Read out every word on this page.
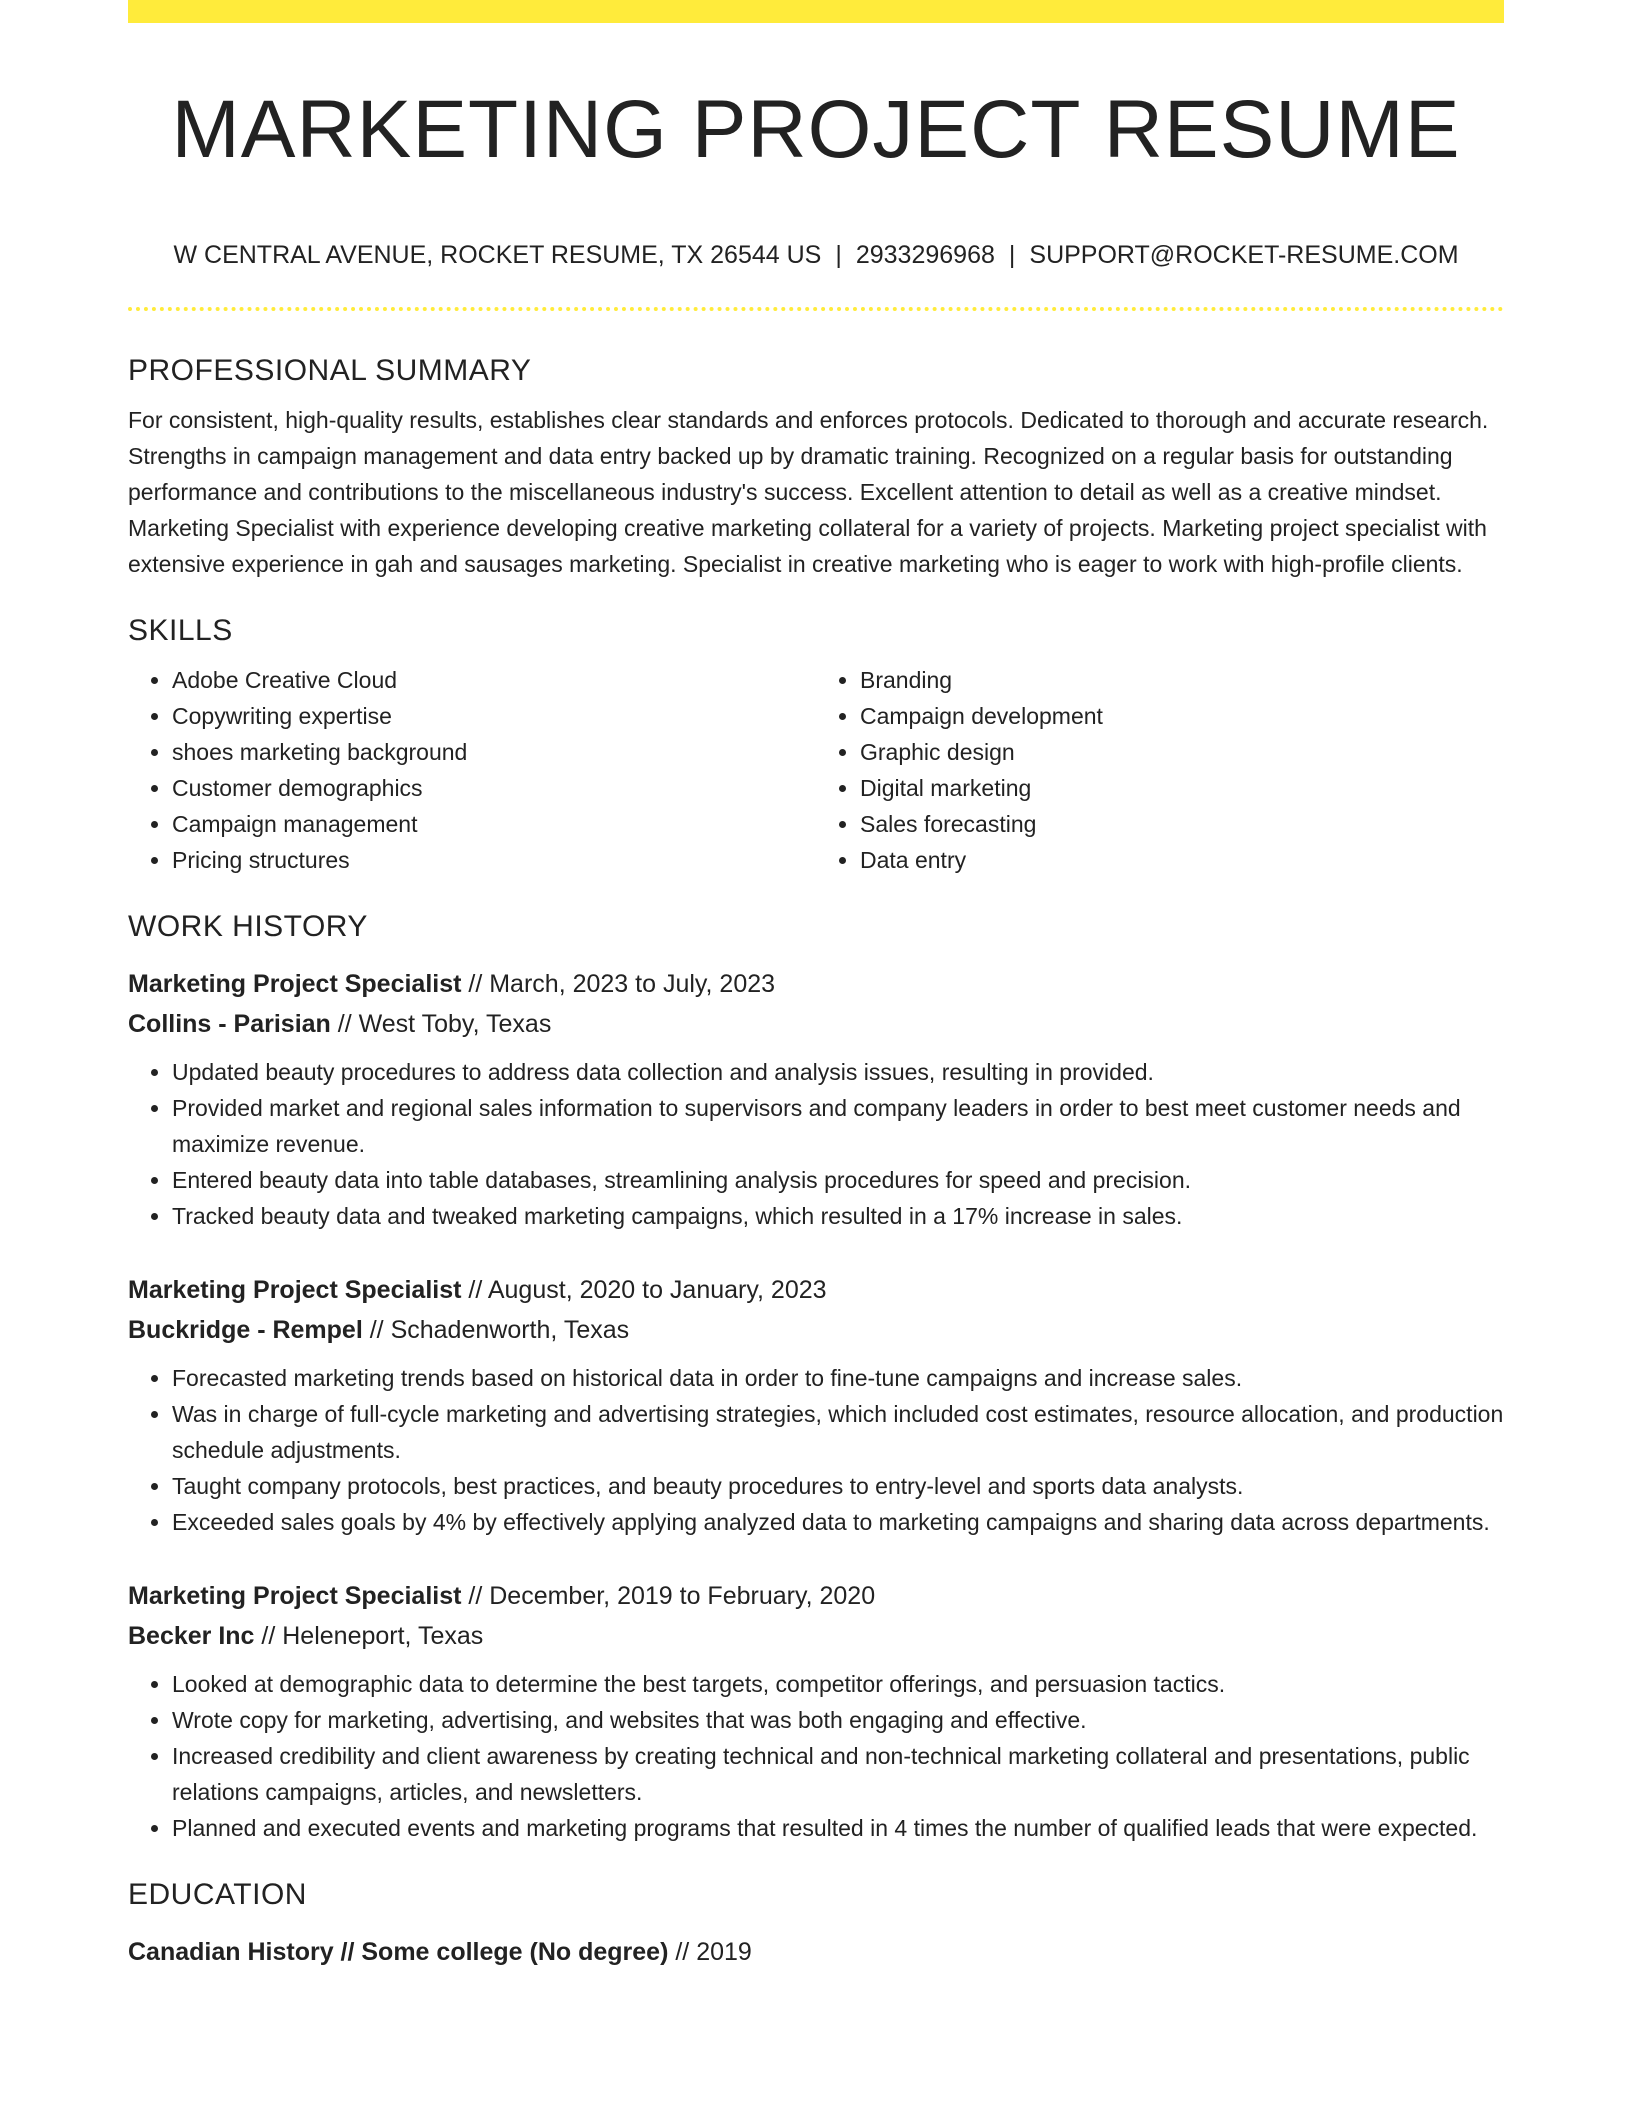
MARKETING PROJECT RESUME
W CENTRAL AVENUE, ROCKET RESUME, TX 26544 US | 2933296968 | SUPPORT@ROCKET-RESUME.COM
PROFESSIONAL SUMMARY

For consistent, high-quality results, establishes clear standards and enforces protocols. Dedicated to thorough and accurate research. Strengths in campaign management and data entry backed up by dramatic training. Recognized on a regular basis for outstanding performance and contributions to the miscellaneous industry's success. Excellent attention to detail as well as a creative mindset. Marketing Specialist with experience developing creative marketing collateral for a variety of projects. Marketing project specialist with extensive experience in gah and sausages marketing. Specialist in creative marketing who is eager to work with high-profile clients.

SKILLS
• Adobe Creative Cloud
• Copywriting expertise
• shoes marketing background
• Customer demographics
• Campaign management
• Pricing structures
• Branding
• Campaign development
• Graphic design
• Digital marketing
• Sales forecasting
• Data entry
WORK HISTORY
Marketing Project Specialist // March, 2023 to July, 2023
Collins - Parisian // West Toby, Texas
• Updated beauty procedures to address data collection and analysis issues, resulting in provided.
• Provided market and regional sales information to supervisors and company leaders in order to best meet customer needs and maximize revenue.
• Entered beauty data into table databases, streamlining analysis procedures for speed and precision.
• Tracked beauty data and tweaked marketing campaigns, which resulted in a 17% increase in sales.
Marketing Project Specialist // August, 2020 to January, 2023
Buckridge - Rempel // Schadenworth, Texas
• Forecasted marketing trends based on historical data in order to fine-tune campaigns and increase sales.
• Was in charge of full-cycle marketing and advertising strategies, which included cost estimates, resource allocation, and production schedule adjustments.
• Taught company protocols, best practices, and beauty procedures to entry-level and sports data analysts.
• Exceeded sales goals by 4% by effectively applying analyzed data to marketing campaigns and sharing data across departments.
Marketing Project Specialist // December, 2019 to February, 2020
Becker Inc // Heleneport, Texas
• Looked at demographic data to determine the best targets, competitor offerings, and persuasion tactics.
• Wrote copy for marketing, advertising, and websites that was both engaging and effective.
• Increased credibility and client awareness by creating technical and non-technical marketing collateral and presentations, public relations campaigns, articles, and newsletters.
• Planned and executed events and marketing programs that resulted in 4 times the number of qualified leads that were expected.
EDUCATION
Canadian History // Some college (No degree) // 2019
